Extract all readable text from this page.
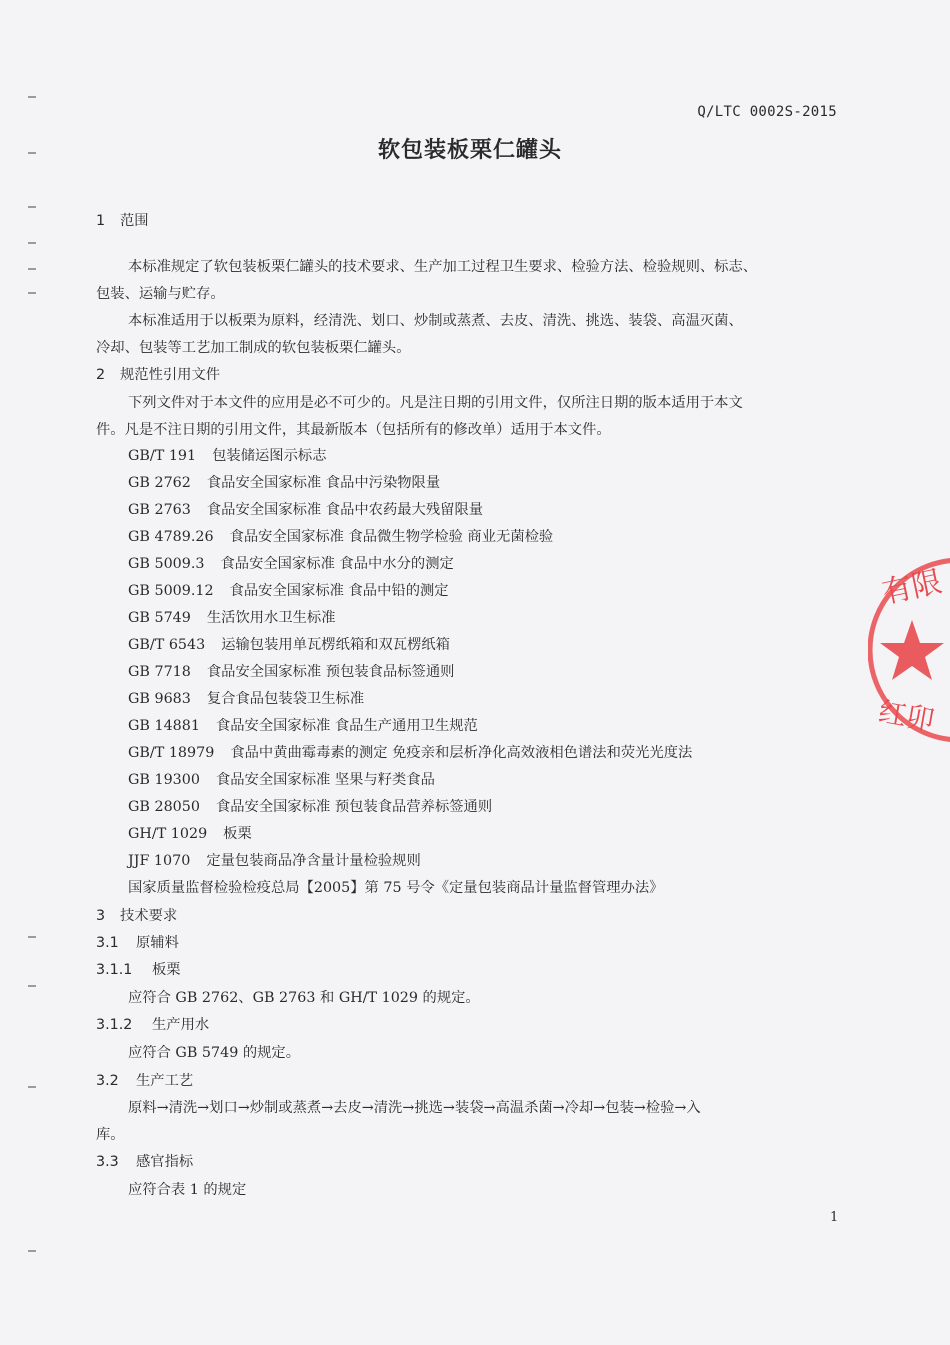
Q/LTC 0002S-2015
软包装板栗仁罐头
1 范围
本标准规定了软包装板栗仁罐头的技术要求、生产加工过程卫生要求、检验方法、检验规则、标志、
包装、运输与贮存。
本标准适用于以板栗为原料，经清洗、划口、炒制或蒸煮、去皮、清洗、挑选、装袋、高温灭菌、
冷却、包装等工艺加工制成的软包装板栗仁罐头。
2 规范性引用文件
下列文件对于本文件的应用是必不可少的。凡是注日期的引用文件，仅所注日期的版本适用于本文
件。凡是不注日期的引用文件，其最新版本（包括所有的修改单）适用于本文件。
GB/T 191 包装储运图示标志
GB 2762 食品安全国家标准 食品中污染物限量
GB 2763 食品安全国家标准 食品中农药最大残留限量
GB 4789.26 食品安全国家标准 食品微生物学检验 商业无菌检验
GB 5009.3 食品安全国家标准 食品中水分的测定
GB 5009.12 食品安全国家标准 食品中铅的测定
GB 5749 生活饮用水卫生标准
GB/T 6543 运输包装用单瓦楞纸箱和双瓦楞纸箱
GB 7718 食品安全国家标准 预包装食品标签通则
GB 9683 复合食品包装袋卫生标准
GB 14881 食品安全国家标准 食品生产通用卫生规范
GB/T 18979 食品中黄曲霉毒素的测定 免疫亲和层析净化高效液相色谱法和荧光光度法
GB 19300 食品安全国家标准 坚果与籽类食品
GB 28050 食品安全国家标准 预包装食品营养标签通则
GH/T 1029 板栗
JJF 1070 定量包装商品净含量计量检验规则
国家质量监督检验检疫总局【2005】第 75 号令《定量包装商品计量监督管理办法》
3 技术要求
3.1 原辅料
3.1.1 板栗
应符合 GB 2762、GB 2763 和 GH/T 1029 的规定。
3.1.2 生产用水
应符合 GB 5749 的规定。
3.2 生产工艺
原料→清洗→划口→炒制或蒸煮→去皮→清洗→挑选→装袋→高温杀菌→冷却→包装→检验→入
库。
3.3 感官指标
应符合表 1 的规定
1
有限
红卯
